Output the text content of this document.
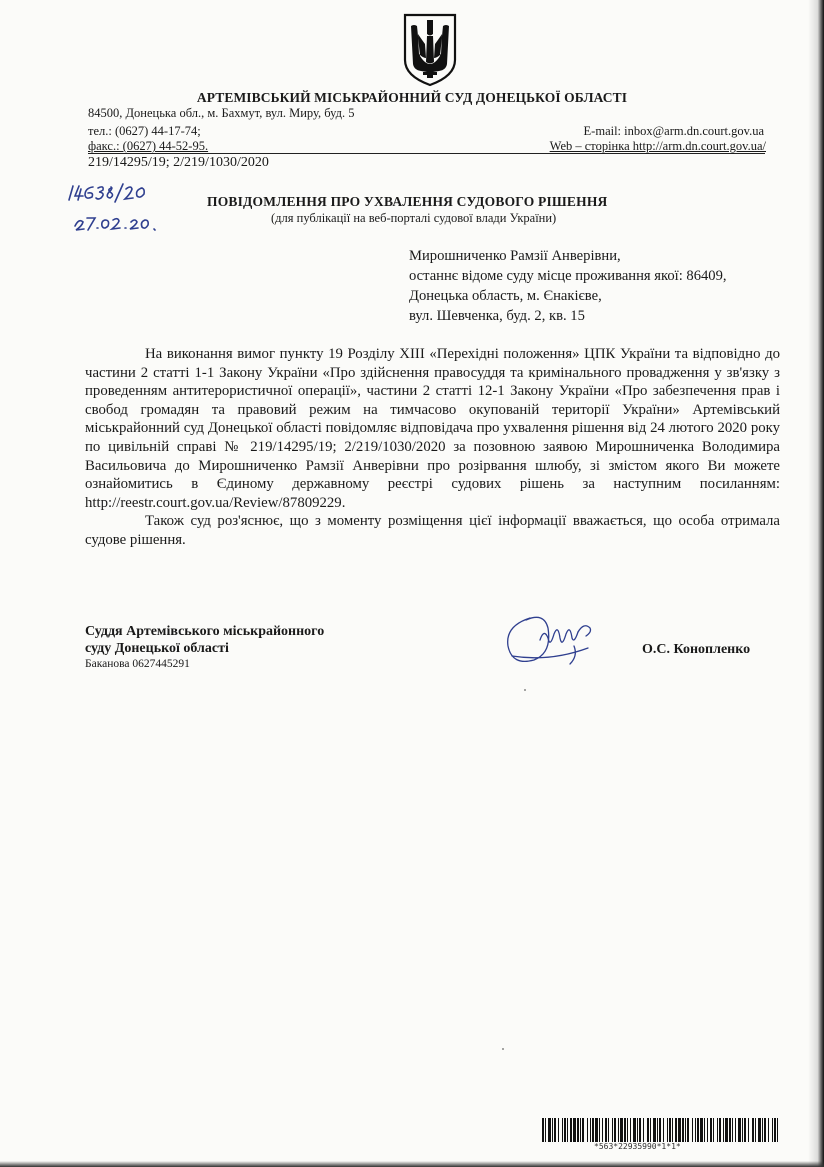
АРТЕМІВСЬКИЙ МІСЬКРАЙОННИЙ СУД ДОНЕЦЬКОЇ ОБЛАСТІ
84500, Донецька обл., м. Бахмут, вул. Миру, буд. 5
тел.: (0627) 44-17-74;
факс.: (0627) 44-52-95.
E-mail: inbox@arm.dn.court.gov.ua
Web – сторінка http://arm.dn.court.gov.ua/
219/14295/19; 2/219/1030/2020
ПОВІДОМЛЕННЯ ПРО УХВАЛЕННЯ СУДОВОГО РІШЕННЯ
(для публікації на веб-порталі судової влади України)
Мирошниченко Рамзії Анверівни,
останнє відоме суду місце проживання якої: 86409,
Донецька область, м. Єнакієве,
вул. Шевченка, буд. 2, кв. 15

На виконання вимог пункту 19 Розділу ХІІІ «Перехідні положення» ЦПК України та відповідно до частини 2 статті 1-1 Закону України «Про здійснення правосуддя та кримінального провадження у зв'язку з проведенням антитерористичної операції», частини 2 статті 12-1 Закону України «Про забезпечення прав і свобод громадян та правовий режим на тимчасово окупованій території України» Артемівський міськрайонний суд Донецької області повідомляє відповідача про ухвалення рішення від 24 лютого 2020 року по цивільній справі № 219/14295/19; 2/219/1030/2020 за позовною заявою Мирошниченка Володимира Васильовича до Мирошниченко Рамзії Анверівни про розірвання шлюбу, зі змістом якого Ви можете ознайомитись в Єдиному державному реєстрі судових рішень за наступним посиланням: http://reestr.court.gov.ua/Review/87809229.

Також суд роз'яснює, що з моменту розміщення цієї інформації вважається, що особа отримала судове рішення.

Суддя Артемівського міськрайонного
суду Донецької області
Баканова 0627445291
О.С. Конопленко
*563*22935990*1*1*
